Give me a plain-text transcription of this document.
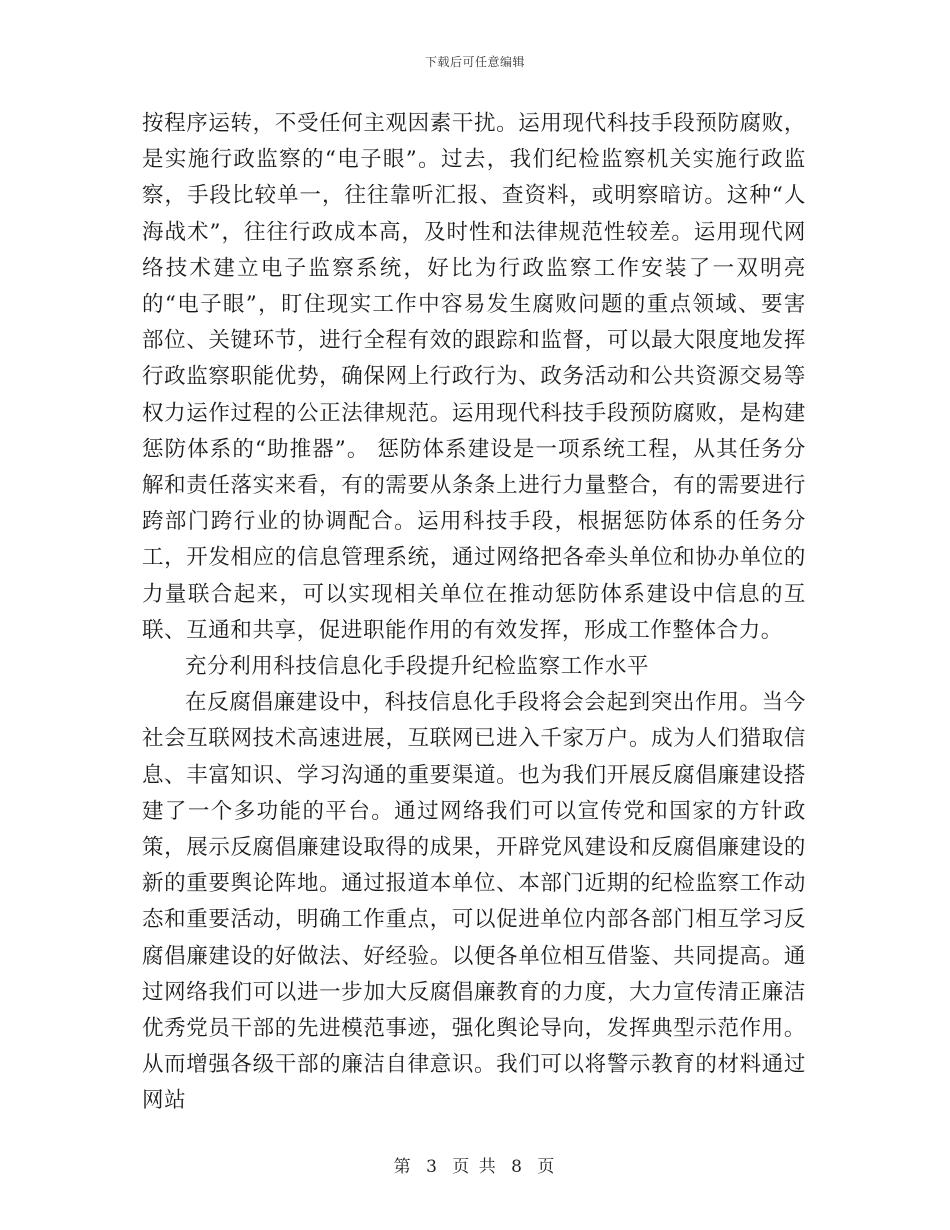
下载后可任意编辑

按程序运转，不受任何主观因素干扰。运用现代科技手段预防腐败，是实施行政监察的“电子眼”。过去，我们纪检监察机关实施行政监察，手段比较单一，往往靠听汇报、查资料，或明察暗访。这种“人海战术”，往往行政成本高，及时性和法律规范性较差。运用现代网络技术建立电子监察系统，好比为行政监察工作安装了一双明亮的“电子眼”，盯住现实工作中容易发生腐败问题的重点领域、要害部位、关键环节，进行全程有效的跟踪和监督，可以最大限度地发挥行政监察职能优势，确保网上行政行为、政务活动和公共资源交易等权力运作过程的公正法律规范。运用现代科技手段预防腐败，是构建惩防体系的“助推器”。 惩防体系建设是一项系统工程，从其任务分解和责任落实来看，有的需要从条条上进行力量整合，有的需要进行跨部门跨行业的协调配合。运用科技手段，根据惩防体系的任务分工，开发相应的信息管理系统，通过网络把各牵头单位和协办单位的力量联合起来，可以实现相关单位在推动惩防体系建设中信息的互联、互通和共享，促进职能作用的有效发挥，形成工作整体合力。

充分利用科技信息化手段提升纪检监察工作水平

在反腐倡廉建设中，科技信息化手段将会会起到突出作用。当今社会互联网技术高速进展，互联网已进入千家万户。成为人们猎取信息、丰富知识、学习沟通的重要渠道。也为我们开展反腐倡廉建设搭建了一个多功能的平台。通过网络我们可以宣传党和国家的方针政策，展示反腐倡廉建设取得的成果，开辟党风建设和反腐倡廉建设的新的重要舆论阵地。通过报道本单位、本部门近期的纪检监察工作动态和重要活动，明确工作重点，可以促进单位内部各部门相互学习反腐倡廉建设的好做法、好经验。以便各单位相互借鉴、共同提高。通过网络我们可以进一步加大反腐倡廉教育的力度，大力宣传清正廉洁优秀党员干部的先进模范事迹，强化舆论导向，发挥典型示范作用。从而增强各级干部的廉洁自律意识。我们可以将警示教育的材料通过网站

第 3 页 共 8 页
